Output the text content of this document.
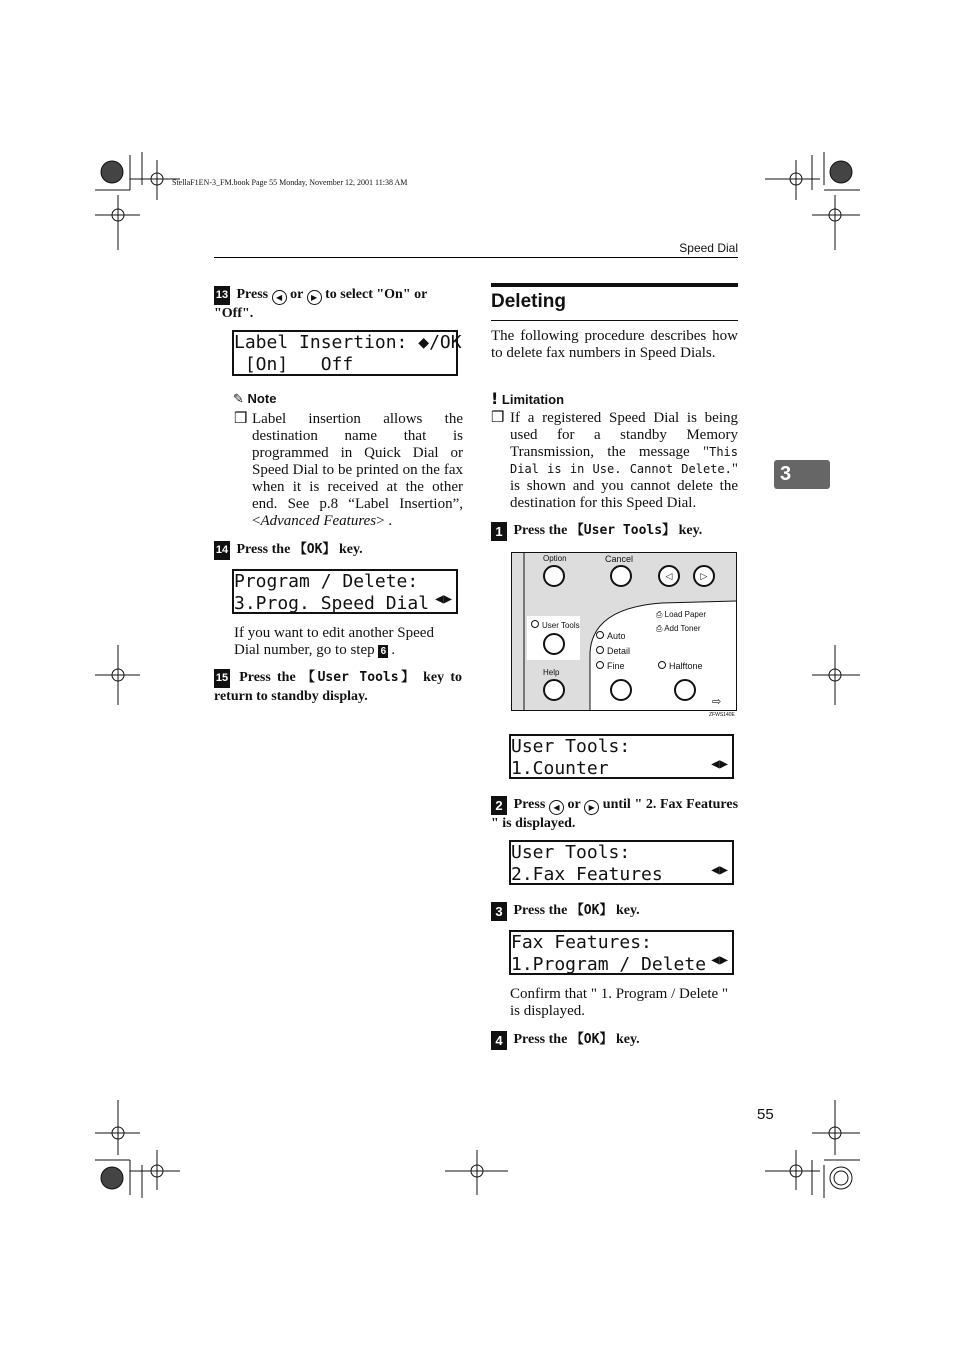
StellaF1EN-3_FM.book Page 55 Monday, November 12, 2001 11:38 AM
Speed Dial
3
13 Press ◀ or ▶ to select "On" or "Off".
Label Insertion: ◆/OK
[On]   Off
✎ Note
❒ Label insertion allows the destination name that is programmed in Quick Dial or Speed Dial to be printed on the fax when it is received at the other end. See p.8 “Label Insertion”, <Advanced Features> .
14 Press the 【OK】 key.
Program / Delete:
3.Prog. Speed Dial ◀▶
If you want to edit another Speed Dial number, go to step 6 .
15 Press the 【User Tools】 key to return to standby display.
Deleting
The following procedure describes how to delete fax numbers in Speed Dials.
! Limitation
❒ If a registered Speed Dial is being used for a standby Memory Transmission, the message "This Dial is in Use. Cannot Delete." is shown and you cannot delete the destination for this Speed Dial.
1 Press the 【User Tools】 key.
Option	Cancel
◁	▷
User Tools
Help
Auto
Detail
Fine	Halftone
⎙ Load Paper
⎙ Add Toner
⇨
ZFWS140E
User Tools:
1.Counter	◀▶
2 Press ◀ or ▶ until " 2. Fax Features " is displayed.
User Tools:
2.Fax Features	◀▶
3 Press the 【OK】 key.
Fax Features:
1.Program / Delete ◀▶
Confirm that " 1. Program / Delete " is displayed.
4 Press the 【OK】 key.
55
